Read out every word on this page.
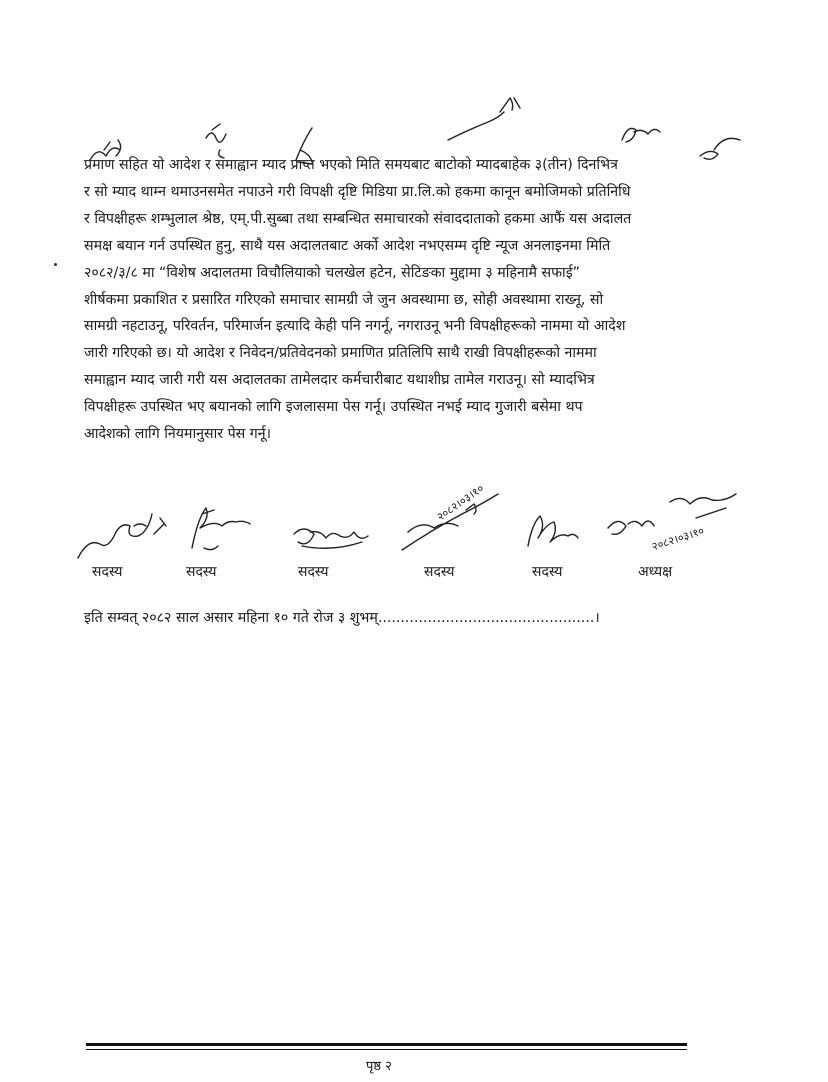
प्रमाण सहित यो आदेश र समाह्वान म्याद प्राप्त भएको मिति समयबाट बाटोको म्यादबाहेक ३(तीन) दिनभित्र
र सो म्याद थाम्न थमाउनसमेत नपाउने गरी विपक्षी दृष्टि मिडिया प्रा.लि.को हकमा कानून बमोजिमको प्रतिनिधि
र विपक्षीहरू शम्भुलाल श्रेष्ठ, एम्.पी.सुब्बा तथा सम्बन्धित समाचारको संवाददाताको हकमा आफैं यस अदालत
समक्ष बयान गर्न उपस्थित हुनु, साथै यस अदालतबाट अर्को आदेश नभएसम्म दृष्टि न्यूज अनलाइनमा मिति
२०८२/३/८ मा “विशेष अदालतमा विचौलियाको चलखेल हटेन, सेटिङका मुद्दामा ३ महिनामै सफाई”
शीर्षकमा प्रकाशित र प्रसारित गरिएको समाचार सामग्री जे जुन अवस्थामा छ, सोही अवस्थामा राख्नू, सो
सामग्री नहटाउनू, परिवर्तन, परिमार्जन इत्यादि केही पनि नगर्नू, नगराउनू भनी विपक्षीहरूको नाममा यो आदेश
जारी गरिएको छ। यो आदेश र निवेदन/प्रतिवेदनको प्रमाणित प्रतिलिपि साथै राखी विपक्षीहरूको नाममा
समाह्वान म्याद जारी गरी यस अदालतका तामेलदार कर्मचारीबाट यथाशीघ्र तामेल गराउनू। सो म्यादभित्र
विपक्षीहरू उपस्थित भए बयानको लागि इजलासमा पेस गर्नू। उपस्थित नभई म्याद गुजारी बसेमा थप
आदेशको लागि नियमानुसार पेस गर्नू।
सदस्य	सदस्य	सदस्य	सदस्य	सदस्य	अध्यक्ष
इति सम्वत् २०८२ साल असार महिना १० गते रोज ३ शुभम्................................................।
पृष्ठ २
२०८२।०३।१०
२०८२।०३।१०
